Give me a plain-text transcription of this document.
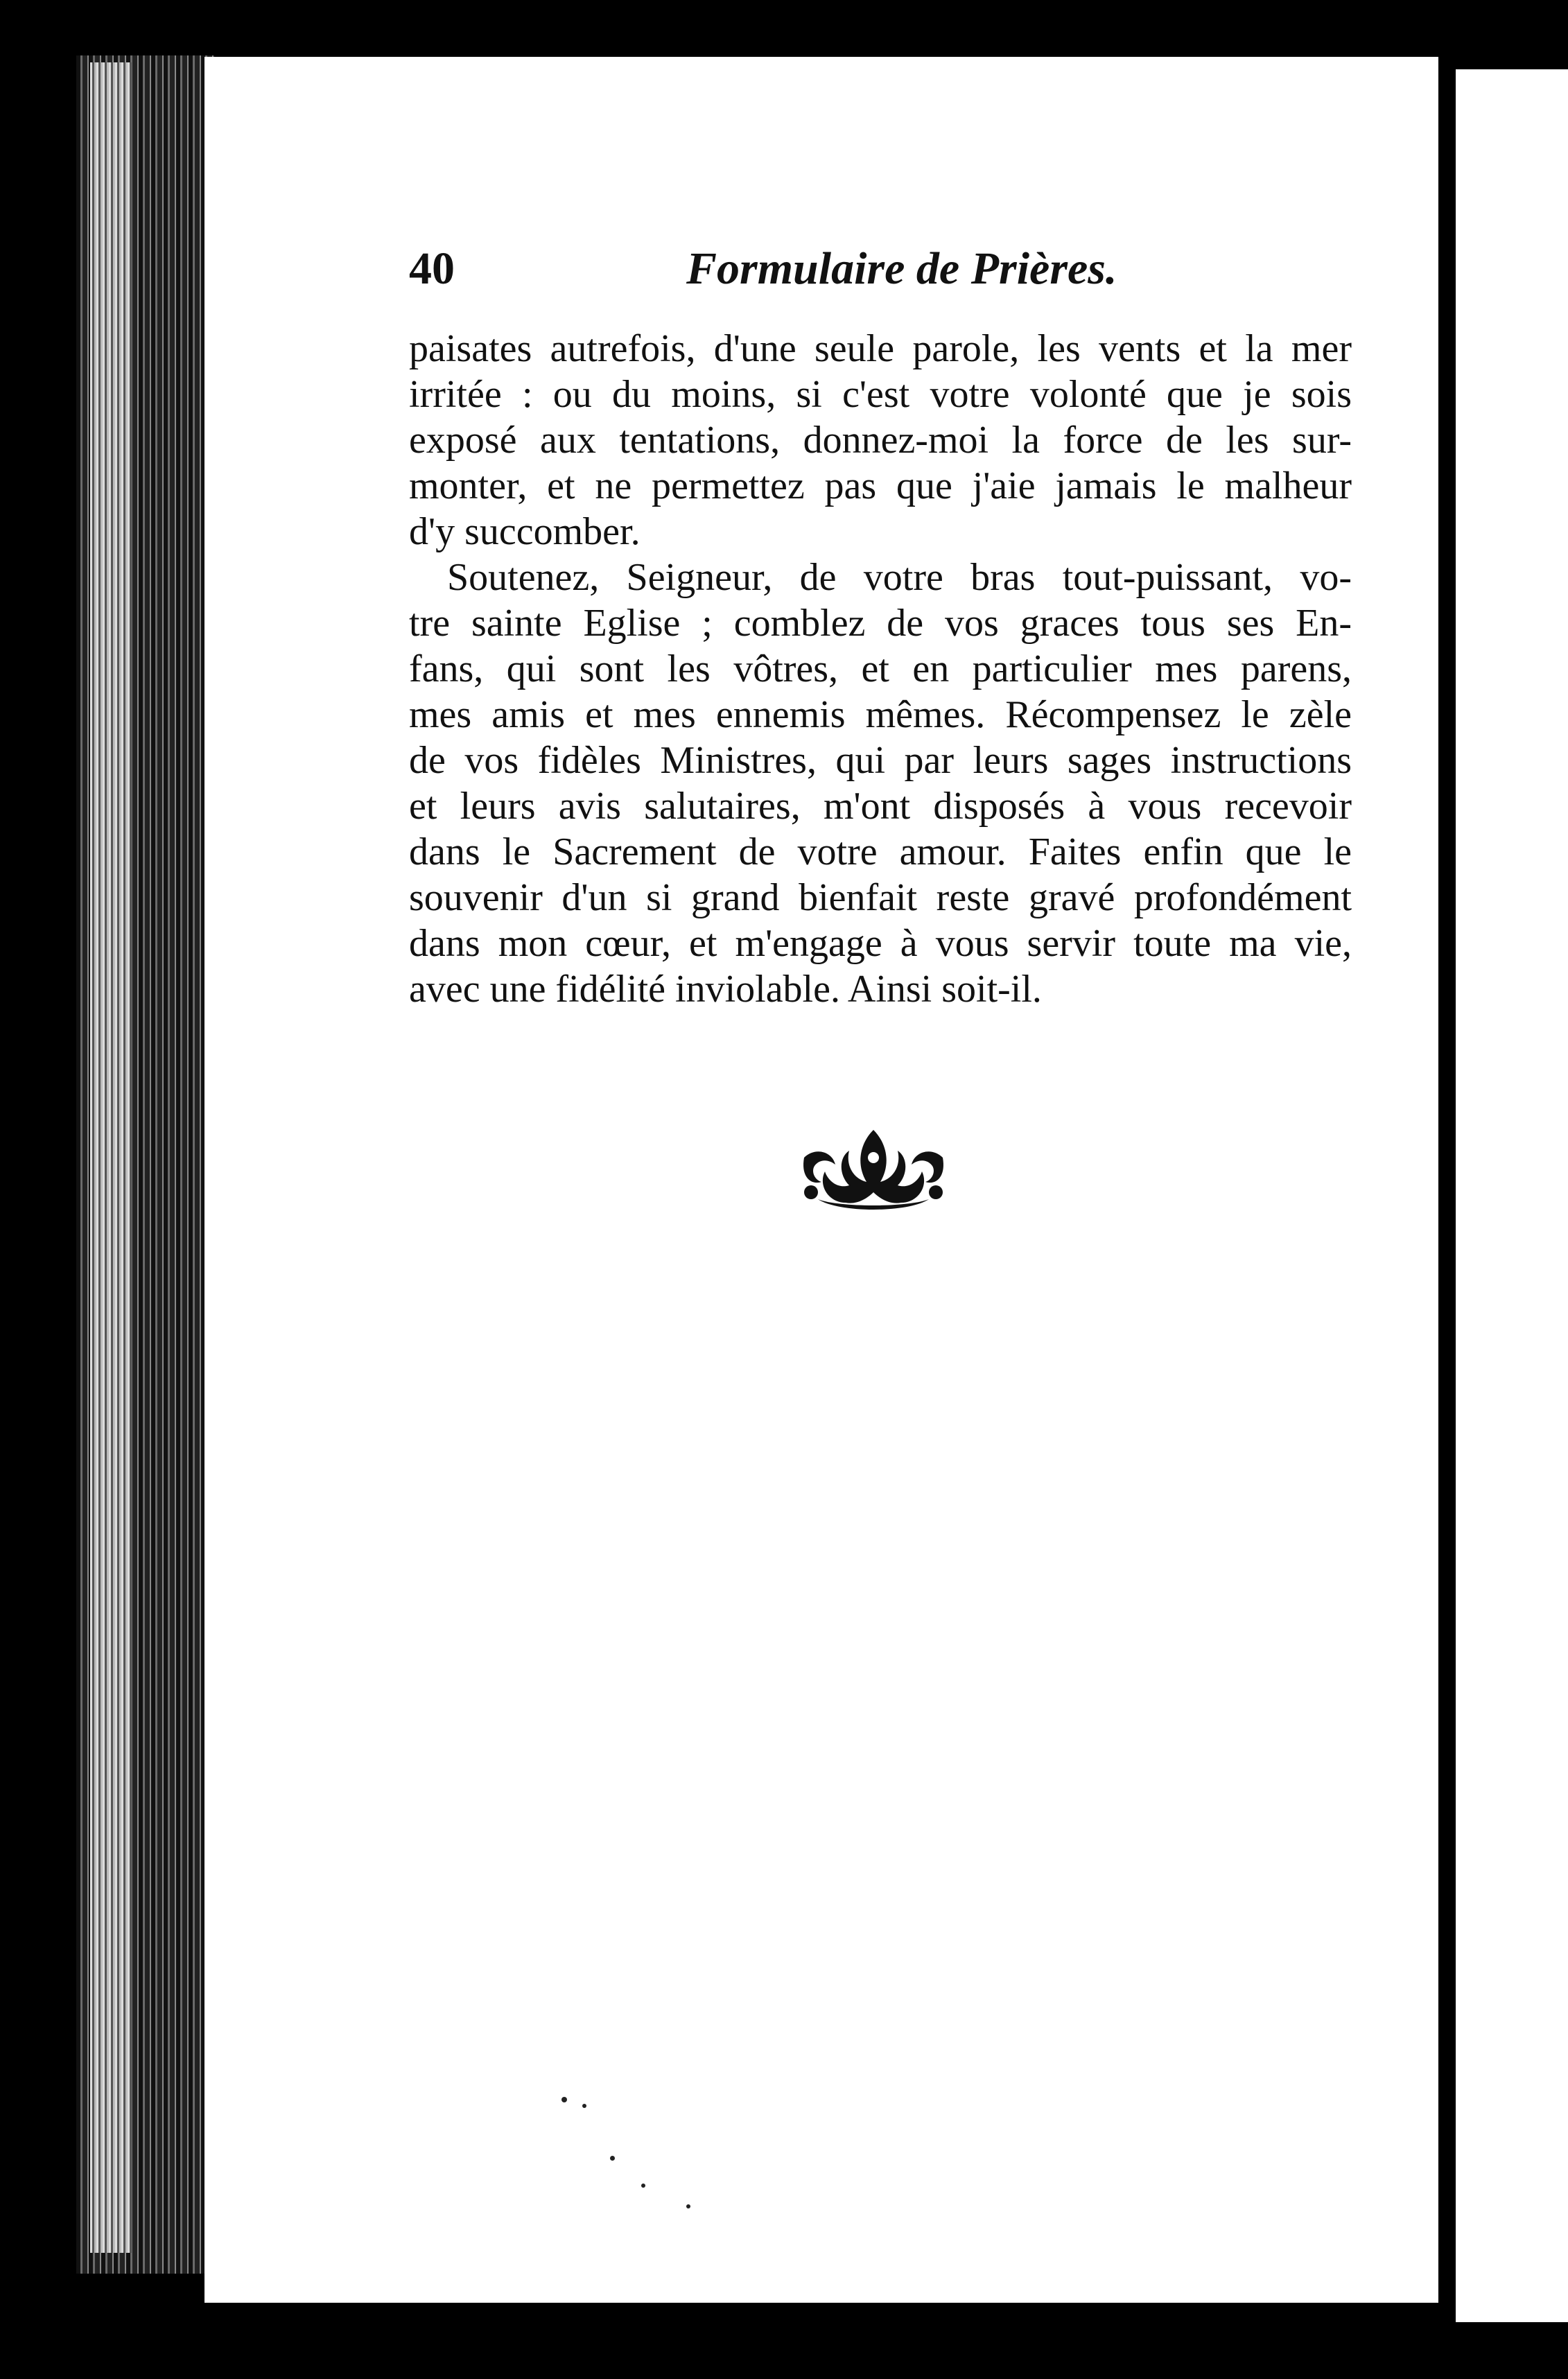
40	Formulaire de Prières.
paisates autrefois, d'une seule parole, les vents et la mer
irritée : ou du moins, si c'est votre volonté que je sois
exposé aux tentations, donnez-moi la force de les sur-
monter, et ne permettez pas que j'aie jamais le malheur
d'y succomber.
Soutenez, Seigneur, de votre bras tout-puissant, vo-
tre sainte Eglise ; comblez de vos graces tous ses En-
fans, qui sont les vôtres, et en particulier mes parens,
mes amis et mes ennemis mêmes. Récompensez le zèle
de vos fidèles Ministres, qui par leurs sages instructions
et leurs avis salutaires, m'ont disposés à vous recevoir
dans le Sacrement de votre amour. Faites enfin que le
souvenir d'un si grand bienfait reste gravé profondément
dans mon cœur, et m'engage à vous servir toute ma vie,
avec une fidélité inviolable. Ainsi soit-il.
